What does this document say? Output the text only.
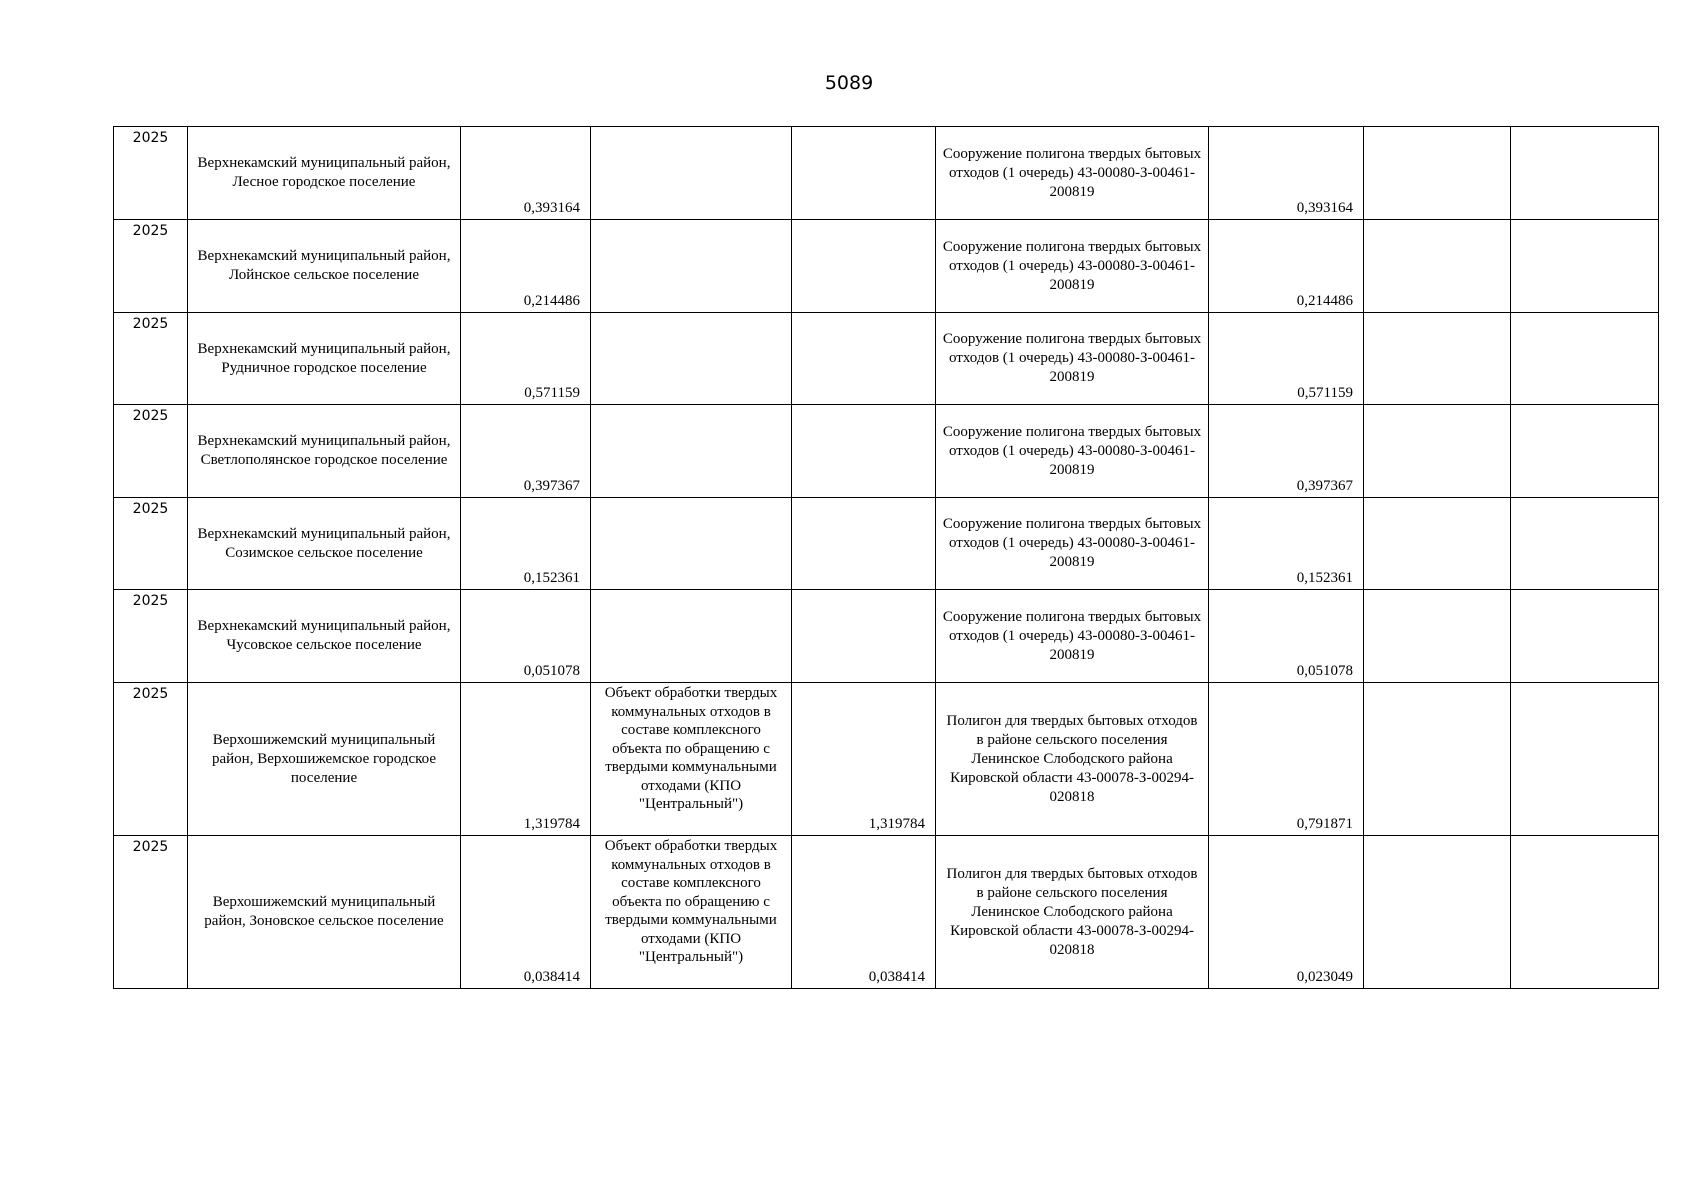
5089
2025	Верхнекамский муниципальный район, Лесное городское поселение	0,393164			Сооружение полигона твердых бытовых отходов (1 очередь) 43-00080-З-00461-200819	0,393164		
2025	Верхнекамский муниципальный район, Лойнское сельское поселение	0,214486			Сооружение полигона твердых бытовых отходов (1 очередь) 43-00080-З-00461-200819	0,214486		
2025	Верхнекамский муниципальный район, Рудничное городское поселение	0,571159			Сооружение полигона твердых бытовых отходов (1 очередь) 43-00080-З-00461-200819	0,571159		
2025	Верхнекамский муниципальный район, Светлополянское городское поселение	0,397367			Сооружение полигона твердых бытовых отходов (1 очередь) 43-00080-З-00461-200819	0,397367		
2025	Верхнекамский муниципальный район, Созимское сельское поселение	0,152361			Сооружение полигона твердых бытовых отходов (1 очередь) 43-00080-З-00461-200819	0,152361		
2025	Верхнекамский муниципальный район, Чусовское сельское поселение	0,051078			Сооружение полигона твердых бытовых отходов (1 очередь) 43-00080-З-00461-200819	0,051078		
2025	Верхошижемский муниципальный район, Верхошижемское городское поселение	1,319784	Объект обработки твердых коммунальных отходов в составе комплексного объекта по обращению с твердыми коммунальными отходами (КПО "Центральный")	1,319784	Полигон для твердых бытовых отходов в районе сельского поселения Ленинское Слободского района Кировской области 43-00078-З-00294-020818	0,791871		
2025	Верхошижемский муниципальный район, Зоновское сельское поселение	0,038414	Объект обработки твердых коммунальных отходов в составе комплексного объекта по обращению с твердыми коммунальными отходами (КПО "Центральный")	0,038414	Полигон для твердых бытовых отходов в районе сельского поселения Ленинское Слободского района Кировской области 43-00078-З-00294-020818	0,023049		
